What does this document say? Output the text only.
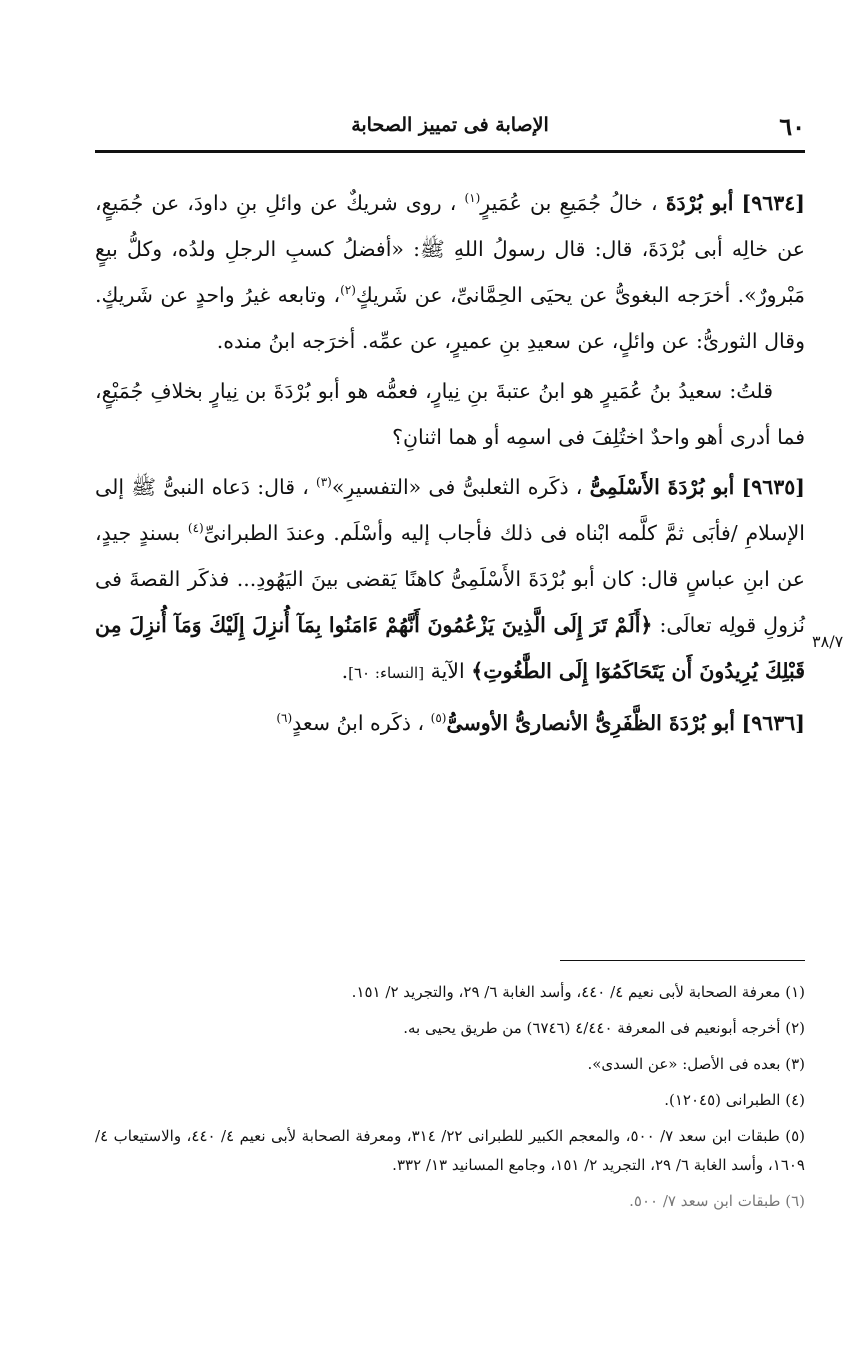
٦٠
الإصابة فى تمييز الصحابة
٣٨/٧

[٩٦٣٤] أبو بُرْدَةَ ، خالُ جُمَيعِ بن عُمَيرٍ$^{(١)}$ ، روى شريكٌ عن وائلِ بنِ داودَ، عن جُمَيعٍ، عن خالِه أبى بُرْدَةَ، قال: قال رسولُ اللهِ ﷺ: «أفضلُ كسبِ الرجلِ ولدُه، وكلُّ بيعٍ مَبْرورٌ». أخرَجه البغوىُّ عن يحيَى الحِمَّانىِّ، عن شَريكٍ$^{(٢)}$، وتابعه غيرُ واحدٍ عن شَريكٍ. وقال الثورىُّ: عن وائلٍ، عن سعيدِ بنِ عميرٍ، عن عمِّه. أخرَجه ابنُ منده.

قلتُ: سعيدُ بنُ عُمَيرٍ هو ابنُ عتبةَ بنِ نِيارٍ، فعمُّه هو أبو بُرْدَةَ بن نِيارٍ بخلافِ جُمَيْعٍ، فما أدرى أهو واحدٌ اختُلِفَ فى اسمِه أو هما اثنانِ؟

[٩٦٣٥] أبو بُرْدَةَ الأَسْلَمِىُّ ، ذكَره الثعلبىُّ فى «التفسيرِ»$^{(٣)}$ ، قال: دَعاه النبىُّ ﷺ إلى الإسلامِ /فأبَى ثمَّ كلَّمه ابْناه فى ذلك فأجاب إليه وأسْلَم. وعندَ الطبرانىِّ$^{(٤)}$ بسندٍ جيدٍ، عن ابنِ عباسٍ قال: كان أبو بُرْدَةَ الأَسْلَمِىُّ كاهنًا يَقضى بينَ اليَهُودِ... فذكَر القصةَ فى نُزولِ قولِه تعالَى: ﴿أَلَمْ تَرَ إِلَى الَّذِينَ يَزْعُمُونَ أَنَّهُمْ ءَامَنُوا بِمَآ أُنزِلَ إِلَيْكَ وَمَآ أُنزِلَ مِن قَبْلِكَ يُرِيدُونَ أَن يَتَحَاكَمُوٓا إِلَى الطَّٰغُوتِ﴾ الآية [النساء: ٦٠].

[٩٦٣٦] أبو بُرْدَةَ الظَّفَرِىُّ الأنصارىُّ الأوسىُّ$^{(٥)}$ ، ذكَره ابنُ سعدٍ$^{(٦)}$

(١) معرفة الصحابة لأبى نعيم ٤/ ٤٤٠، وأسد الغابة ٦/ ٢٩، والتجريد ٢/ ١٥١.
(٢) أخرجه أبونعيم فى المعرفة ٤/٤٤٠ (٦٧٤٦) من طريق يحيى به.
(٣) بعده فى الأصل: «عن السدى».
(٤) الطبرانى (١٢٠٤٥).
(٥) طبقات ابن سعد ٧/ ٥٠٠، والمعجم الكبير للطبرانى ٢٢/ ٣١٤، ومعرفة الصحابة لأبى نعيم ٤/ ٤٤٠، والاستيعاب ٤/ ١٦٠٩، وأسد الغابة ٦/ ٢٩، التجريد ٢/ ١٥١، وجامع المسانيد ١٣/ ٣٣٢.
(٦) طبقات ابن سعد ٧/ ٥٠٠.
